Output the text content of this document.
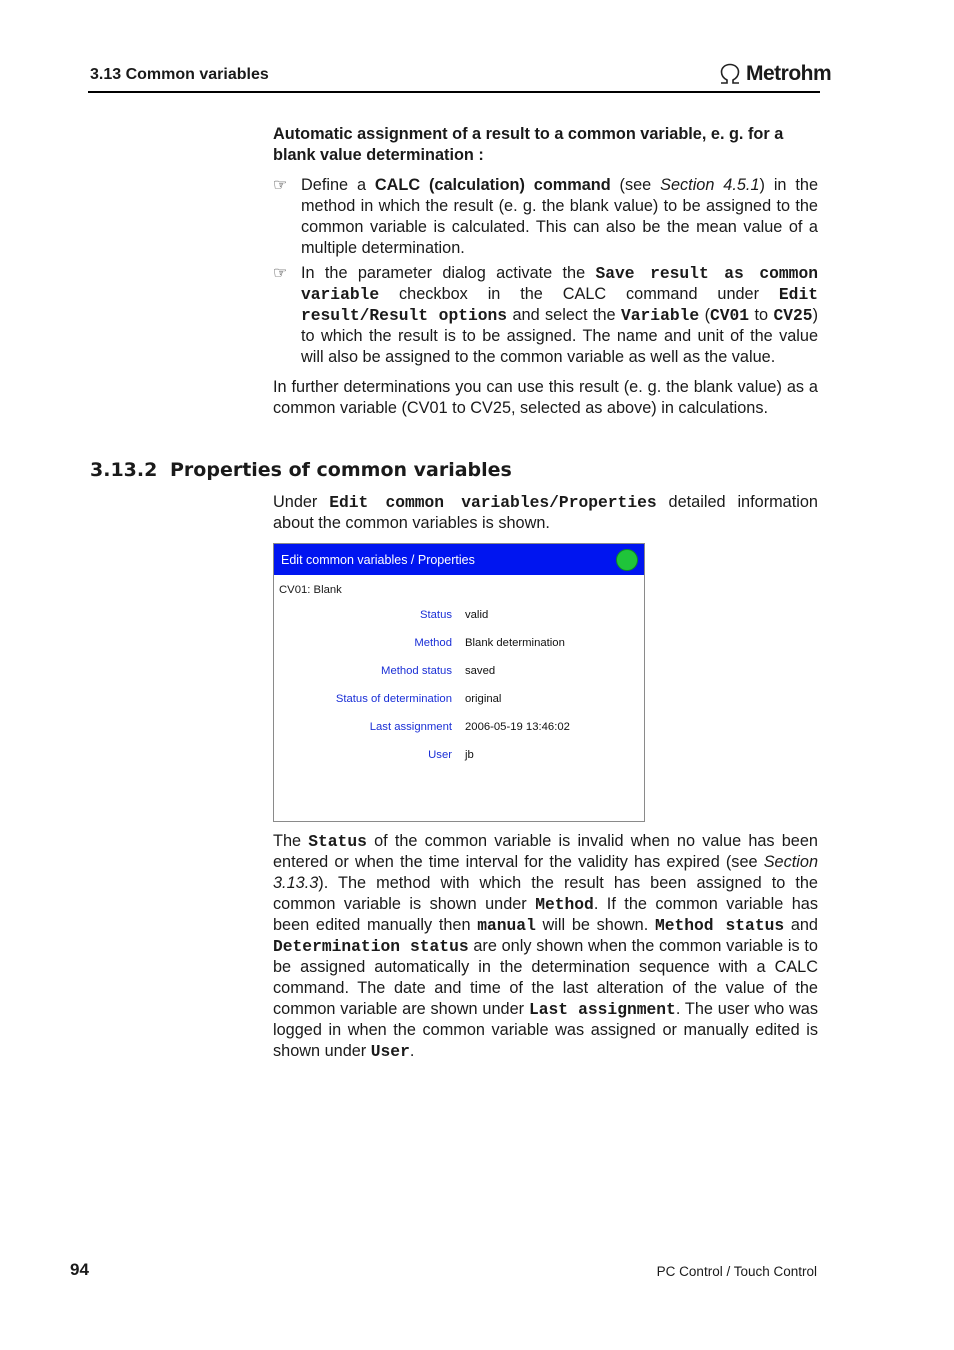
3.13 Common variables	Metrohm
Automatic assignment of a result to a common variable, e. g. for a blank value determination :
☞ Define a CALC (calculation) command (see Section 4.5.1) in the method in which the result (e. g. the blank value) to be assigned to the common variable is calculated. This can also be the mean value of a multiple determination.
☞ In the parameter dialog activate the Save result as common variable checkbox in the CALC command under Edit result/Result options and select the Variable (CV01 to CV25) to which the result is to be assigned. The name and unit of the value will also be assigned to the common variable as well as the value.
In further determinations you can use this result (e. g. the blank value) as a common variable (CV01 to CV25, selected as above) in calculations.
3.13.2 Properties of common variables
Under Edit common variables/Properties detailed information about the common variables is shown.
Edit common variables / Properties
CV01: Blank
Status valid
Method Blank determination
Method status saved
Status of determination original
Last assignment 2006-05-19 13:46:02
User jb
The Status of the common variable is invalid when no value has been entered or when the time interval for the validity has expired (see Section 3.13.3). The method with which the result has been assigned to the common variable is shown under Method. If the common variable has been edited manually then manual will be shown. Method status and Determination status are only shown when the common variable is to be assigned automatically in the determination sequence with a CALC command. The date and time of the last alteration of the value of the common variable are shown under Last assignment. The user who was logged in when the common variable was assigned or manually edited is shown under User.
94	PC Control / Touch Control
